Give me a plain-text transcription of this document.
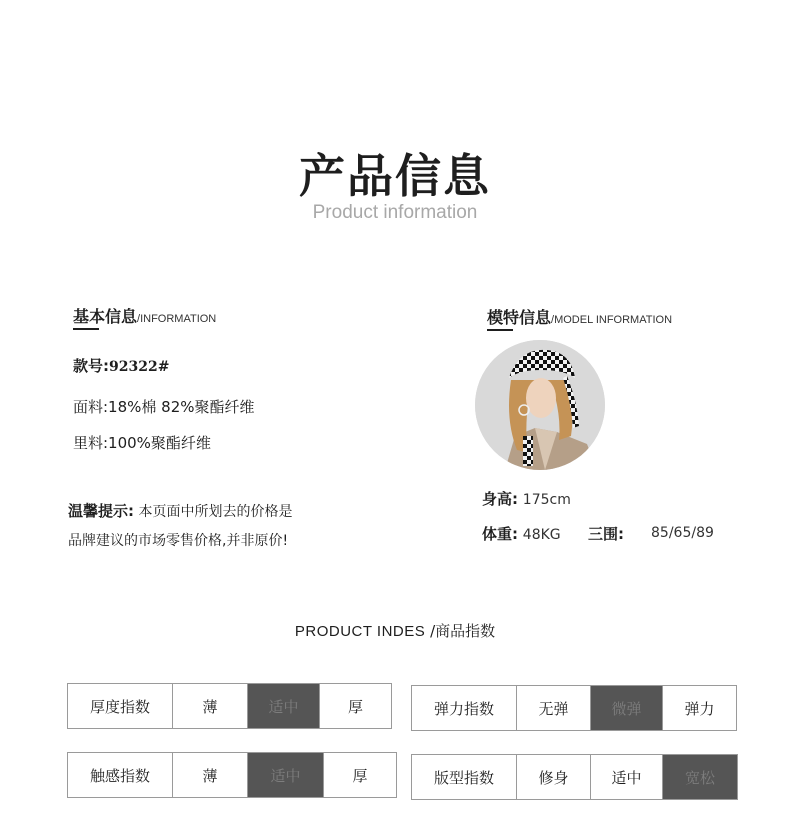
产品信息
Product information
基本信息/INFORMATION
款号:92322#
面料:18%棉 82%聚酯纤维
里料:100%聚酯纤维
温馨提示: 本页面中所划去的价格是
品牌建议的市场零售价格,并非原价!
模特信息/MODEL INFORMATION
身高: 175cm
体重: 48KG 三围: 85/65/89
PRODUCT INDES /商品指数
厚度指数	薄	适中	厚	弹力指数	无弹	微弹	弹力
触感指数	薄	适中	厚	版型指数	修身	适中	宽松
